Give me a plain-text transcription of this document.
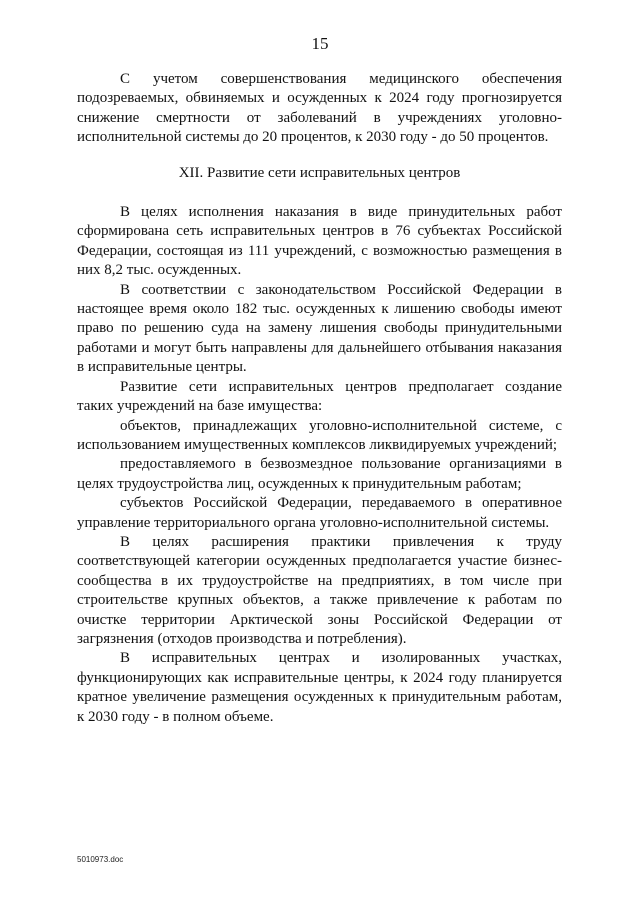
15

С учетом совершенствования медицинского обеспечения подозреваемых, обвиняемых и осужденных к 2024 году прогнозируется снижение смертности от заболеваний в учреждениях уголовно-исполнительной системы до 20 процентов, к 2030 году - до 50 процентов.

XII. Развитие сети исправительных центров

В целях исполнения наказания в виде принудительных работ сформирована сеть исправительных центров в 76 субъектах Российской Федерации, состоящая из 111 учреждений, с возможностью размещения в них 8,2 тыс. осужденных.

В соответствии с законодательством Российской Федерации в настоящее время около 182 тыс. осужденных к лишению свободы имеют право по решению суда на замену лишения свободы принудительными работами и могут быть направлены для дальнейшего отбывания наказания в исправительные центры.

Развитие сети исправительных центров предполагает создание таких учреждений на базе имущества:

объектов, принадлежащих уголовно-исполнительной системе, с использованием имущественных комплексов ликвидируемых учреждений;

предоставляемого в безвозмездное пользование организациями в целях трудоустройства лиц, осужденных к принудительным работам;

субъектов Российской Федерации, передаваемого в оперативное управление территориального органа уголовно-исполнительной системы.

В целях расширения практики привлечения к труду соответствующей категории осужденных предполагается участие бизнес-сообщества в их трудоустройстве на предприятиях, в том числе при строительстве крупных объектов, а также привлечение к работам по очистке территории Арктической зоны Российской Федерации от загрязнения (отходов производства и потребления).

В исправительных центрах и изолированных участках, функционирующих как исправительные центры, к 2024 году планируется кратное увеличение размещения осужденных к принудительным работам, к 2030 году - в полном объеме.

5010973.doc
